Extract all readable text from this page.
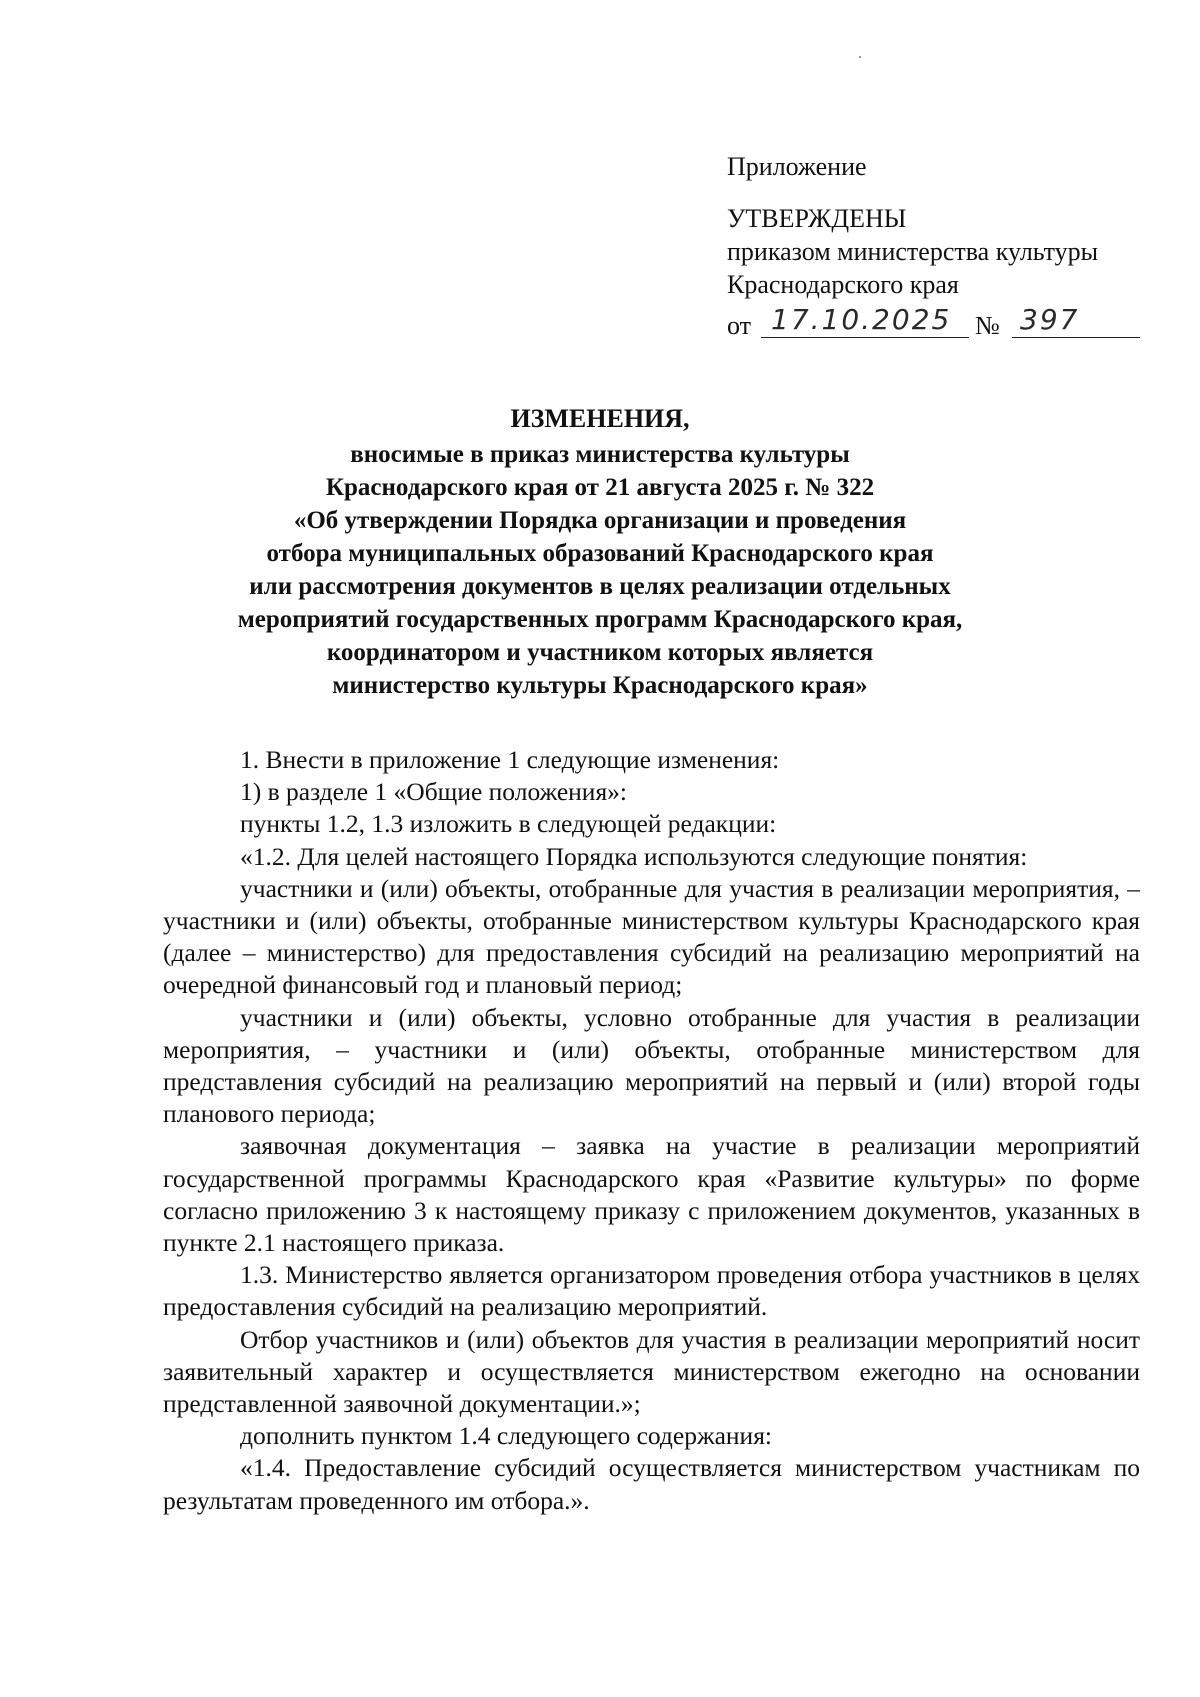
Приложение
УТВЕРЖДЕНЫ
приказом министерства культуры
Краснодарского края
от 17.10.2025 № 397
ИЗМЕНЕНИЯ,
вносимые в приказ министерства культуры
Краснодарского края от 21 августа 2025 г. № 322
«Об утверждении Порядка организации и проведения
отбора муниципальных образований Краснодарского края
или рассмотрения документов в целях реализации отдельных
мероприятий государственных программ Краснодарского края,
координатором и участником которых является
министерство культуры Краснодарского края»

1. Внести в приложение 1 следующие изменения:

1) в разделе 1 «Общие положения»:

пункты 1.2, 1.3 изложить в следующей редакции:

«1.2. Для целей настоящего Порядка используются следующие понятия:

участники и (или) объекты, отобранные для участия в реализации мероприятия, – участники и (или) объекты, отобранные министерством культуры Краснодарского края (далее – министерство) для предоставления субсидий на реализацию мероприятий на очередной финансовый год и плановый период;

участники и (или) объекты, условно отобранные для участия в реализации мероприятия, – участники и (или) объекты, отобранные министерством для представления субсидий на реализацию мероприятий на первый и (или) второй годы планового периода;

заявочная документация – заявка на участие в реализации мероприятий государственной программы Краснодарского края «Развитие культуры» по форме согласно приложению 3 к настоящему приказу с приложением документов, указанных в пункте 2.1 настоящего приказа.

1.3. Министерство является организатором проведения отбора участников в целях предоставления субсидий на реализацию мероприятий.

Отбор участников и (или) объектов для участия в реализации мероприятий носит заявительный характер и осуществляется министерством ежегодно на основании представленной заявочной документации.»;

дополнить пунктом 1.4 следующего содержания:

«1.4. Предоставление субсидий осуществляется министерством участникам по результатам проведенного им отбора.».
